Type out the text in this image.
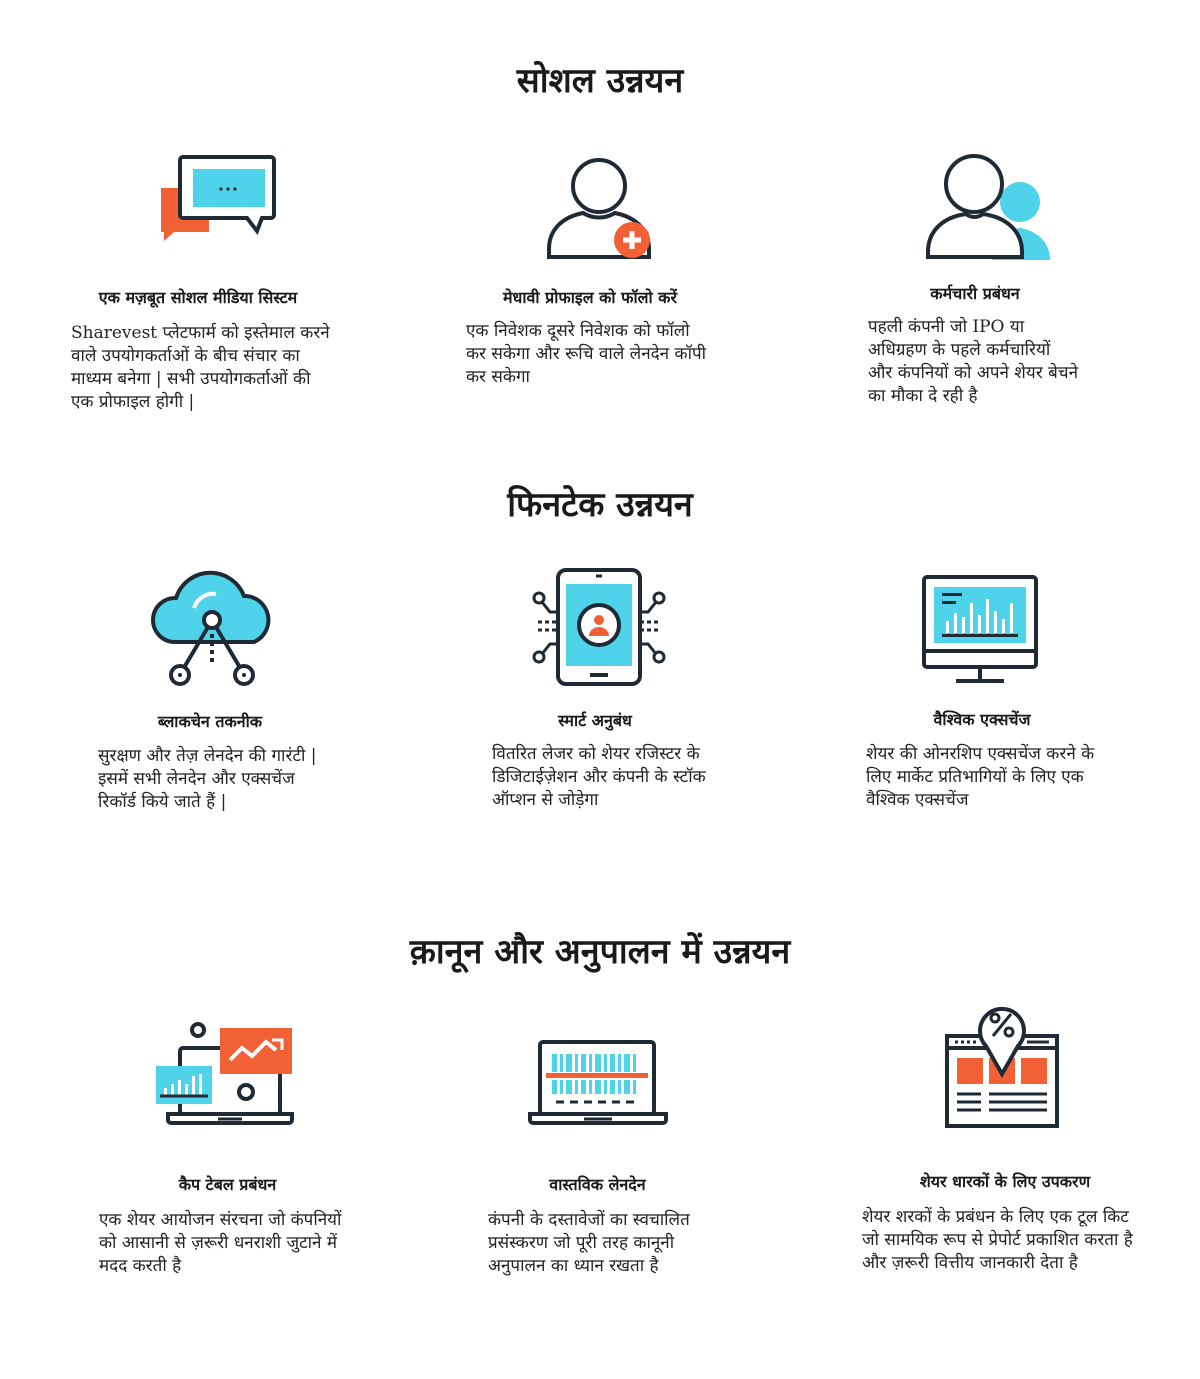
सोशल उन्नयन

एक मज़बूत सोशल मीडिया सिस्टम

Sharevest प्लेटफार्म को इस्तेमाल करने
वाले उपयोगकर्ताओं के बीच संचार का
माध्यम बनेगा | सभी उपयोगकर्ताओं की
एक प्रोफाइल होगी |

मेधावी प्रोफाइल को फॉलो करें

एक निवेशक दूसरे निवेशक को फॉलो
कर सकेगा और रूचि वाले लेनदेन कॉपी
कर सकेगा

कर्मचारी प्रबंधन

पहली कंपनी जो IPO या
अधिग्रहण के पहले कर्मचारियों
और कंपनियों को अपने शेयर बेचने
का मौका दे रही है
फिनटेक उन्नयन

ब्लाकचेन तकनीक

सुरक्षण और तेज़ लेनदेन की गारंटी |
इसमें सभी लेनदेन और एक्सचेंज
रिकॉर्ड किये जाते हैं |

स्मार्ट अनुबंध

वितरित लेजर को शेयर रजिस्टर के
डिजिटाईज़ेशन और कंपनी के स्टॉक
ऑप्शन से जोड़ेगा

वैश्विक एक्सचेंज

शेयर की ओनरशिप एक्सचेंज करने के
लिए मार्केट प्रतिभागियों के लिए एक
वैश्विक एक्सचेंज
क़ानून और अनुपालन में उन्नयन

कैप टेबल प्रबंधन

एक शेयर आयोजन संरचना जो कंपनियों
को आसानी से ज़रूरी धनराशी जुटाने में
मदद करती है

वास्तविक लेनदेन

कंपनी के दस्तावेजों का स्वचालित
प्रसंस्करण जो पूरी तरह कानूनी
अनुपालन का ध्यान रखता है

शेयर धारकों के लिए उपकरण

शेयर शरकों के प्रबंधन के लिए एक टूल किट
जो सामयिक रूप से प्रेपोर्ट प्रकाशित करता है
और ज़रूरी वित्तीय जानकारी देता है
